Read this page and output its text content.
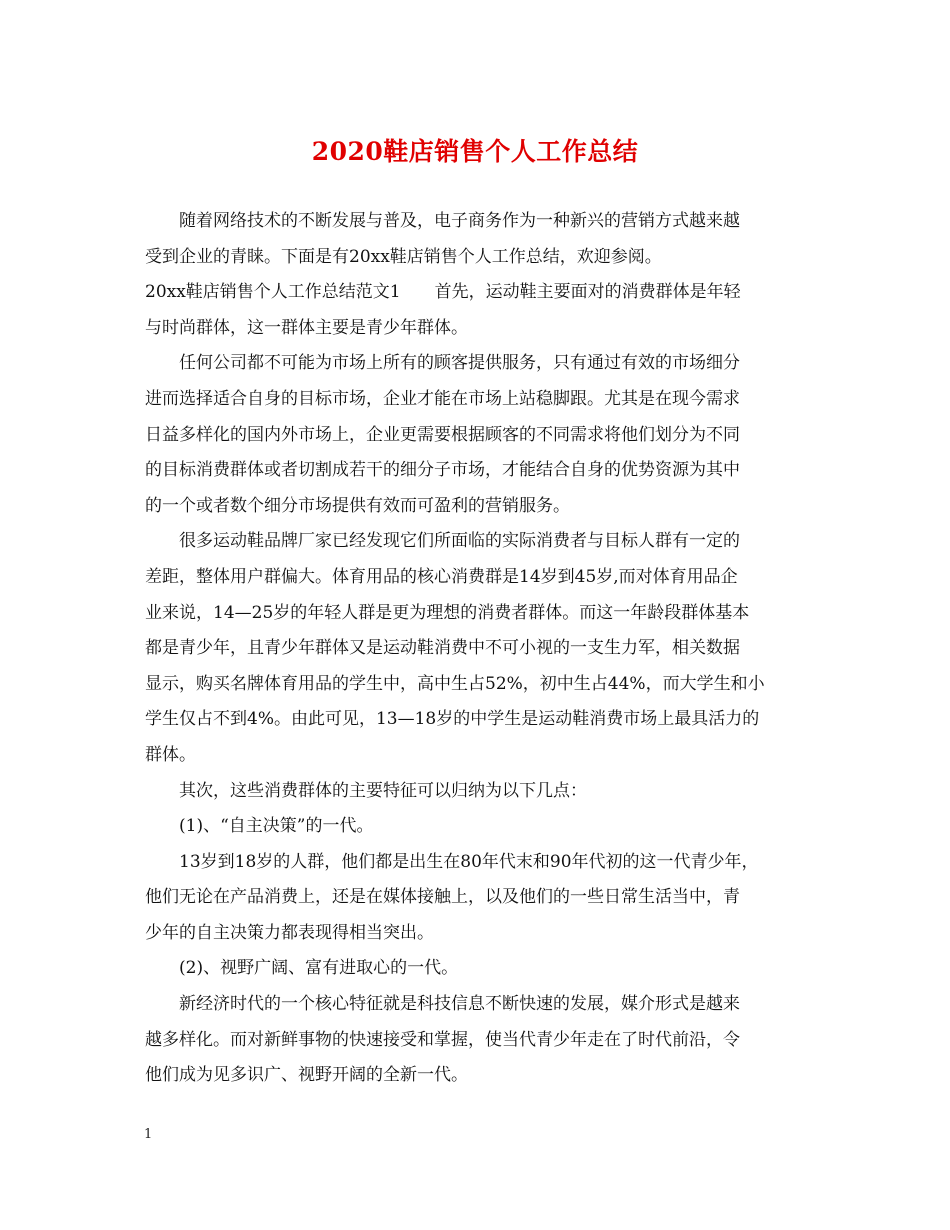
2020鞋店销售个人工作总结
随着网络技术的不断发展与普及，电子商务作为一种新兴的营销方式越来越
受到企业的青睐。下面是有20xx鞋店销售个人工作总结，欢迎参阅。
20xx鞋店销售个人工作总结范文1　　首先，运动鞋主要面对的消费群体是年轻
与时尚群体，这一群体主要是青少年群体。
任何公司都不可能为市场上所有的顾客提供服务，只有通过有效的市场细分
进而选择适合自身的目标市场，企业才能在市场上站稳脚跟。尤其是在现今需求
日益多样化的国内外市场上，企业更需要根据顾客的不同需求将他们划分为不同
的目标消费群体或者切割成若干的细分子市场，才能结合自身的优势资源为其中
的一个或者数个细分市场提供有效而可盈利的营销服务。
很多运动鞋品牌厂家已经发现它们所面临的实际消费者与目标人群有一定的
差距，整体用户群偏大。体育用品的核心消费群是14岁到45岁,而对体育用品企
业来说，14—25岁的年轻人群是更为理想的消费者群体。而这一年龄段群体基本
都是青少年，且青少年群体又是运动鞋消费中不可小视的一支生力军，相关数据
显示，购买名牌体育用品的学生中，高中生占52%，初中生占44%，而大学生和小
学生仅占不到4%。由此可见，13—18岁的中学生是运动鞋消费市场上最具活力的
群体。
其次，这些消费群体的主要特征可以归纳为以下几点：
(1)、“自主决策”的一代。
13岁到18岁的人群，他们都是出生在80年代末和90年代初的这一代青少年，
他们无论在产品消费上，还是在媒体接触上，以及他们的一些日常生活当中，青
少年的自主决策力都表现得相当突出。
(2)、视野广阔、富有进取心的一代。
新经济时代的一个核心特征就是科技信息不断快速的发展，媒介形式是越来
越多样化。而对新鲜事物的快速接受和掌握，使当代青少年走在了时代前沿，令
他们成为见多识广、视野开阔的全新一代。
1
